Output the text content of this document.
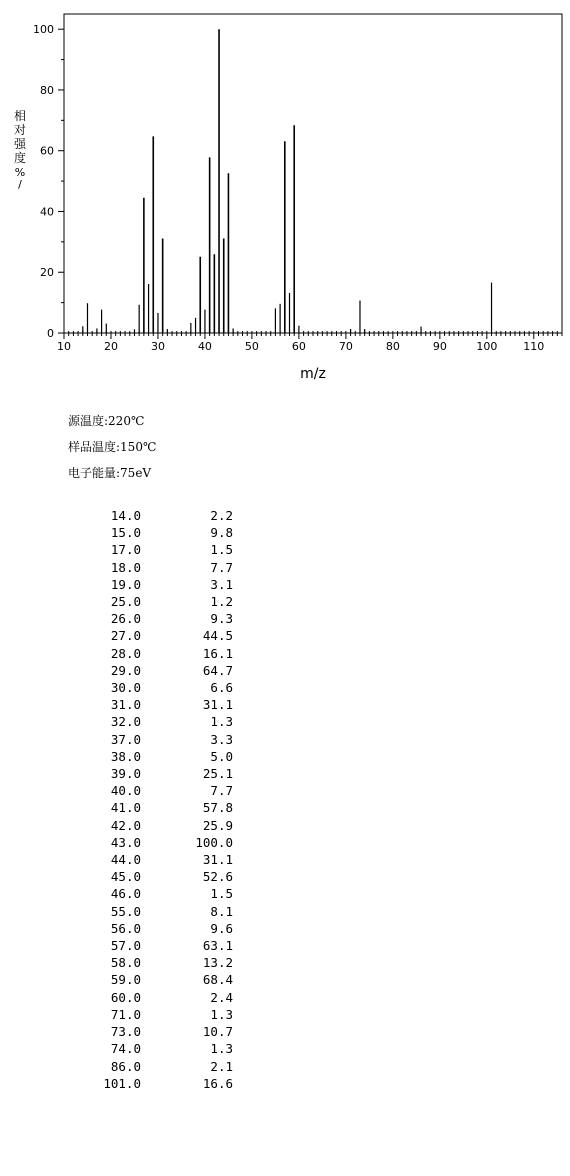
10	20	30	40	50	60	70	80	90	100 110
0
20
40
60
80
100
相
对
强
度
%
/
m/z
源温度:220℃
样品温度:150℃
电子能量:75eV
14.0	2.2
15.0	9.8
17.0	1.5
18.0	7.7
19.0	3.1
25.0	1.2
26.0	9.3
27.0	44.5
28.0	16.1
29.0	64.7
30.0	6.6
31.0	31.1
32.0	1.3
37.0	3.3
38.0	5.0
39.0	25.1
40.0	7.7
41.0	57.8
42.0	25.9
43.0	100.0
44.0	31.1
45.0	52.6
46.0	1.5
55.0	8.1
56.0	9.6
57.0	63.1
58.0	13.2
59.0	68.4
60.0	2.4
71.0	1.3
73.0	10.7
74.0	1.3
86.0	2.1
101.0	16.6
